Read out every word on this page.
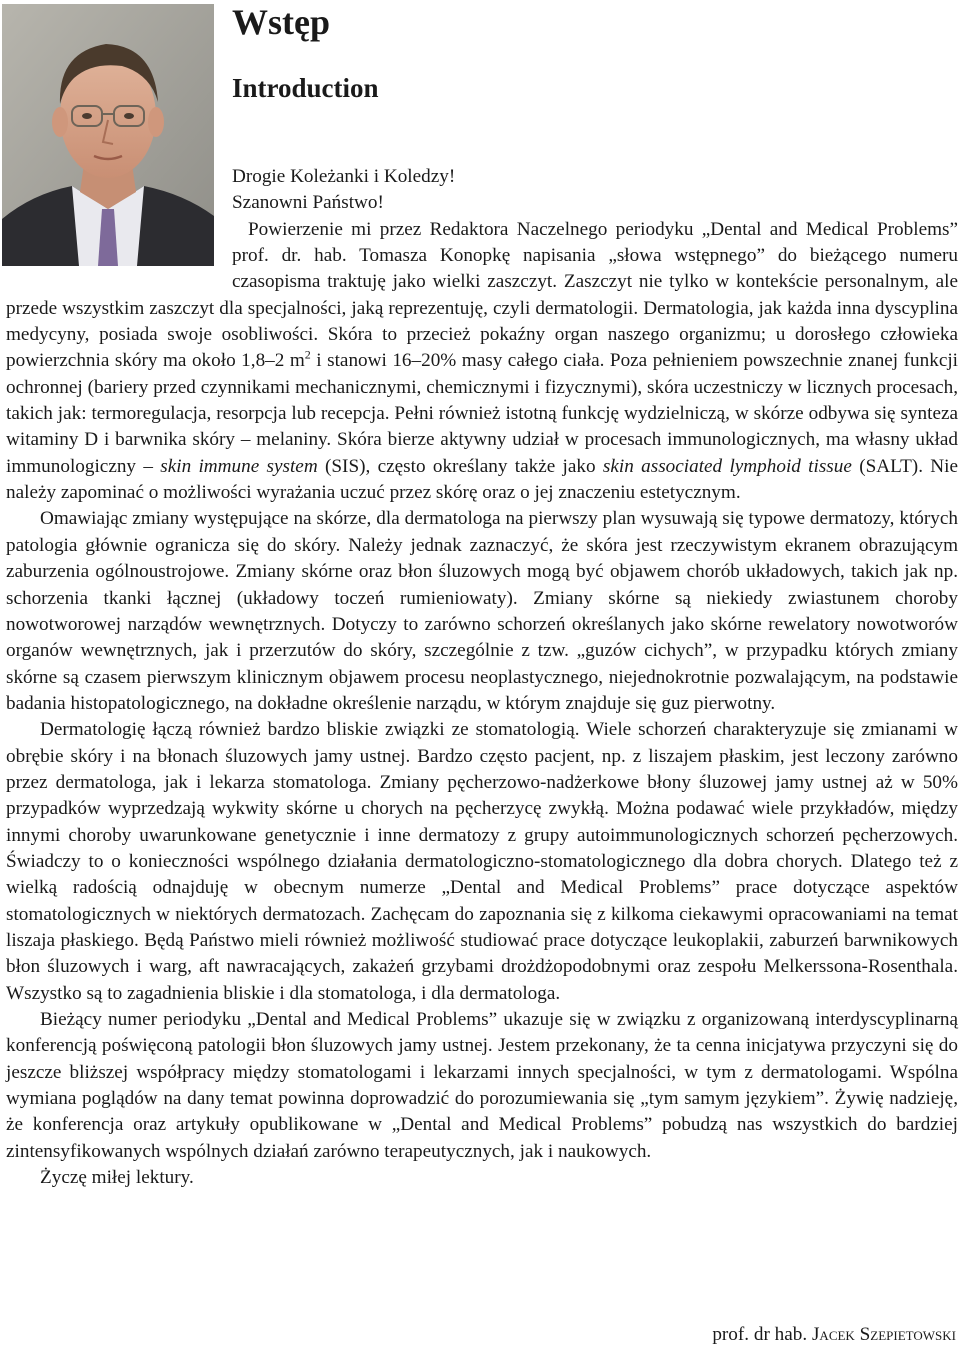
Wstęp
Introduction

Drogie Koleżanki i Koledzy!

Szanowni Państwo!

Powierzenie mi przez Redaktora Naczelnego periodyku „Dental and Medical Problems” prof. dr. hab. Tomasza Konopkę napisania „słowa wstępnego” do bieżącego numeru czasopisma traktuję jako wielki zaszczyt. Zaszczyt nie tylko w kontekście personalnym, ale przede wszystkim zaszczyt dla specjalności, jaką reprezentuję, czyli dermatologii. Dermatologia, jak każda inna dyscyplina medycyny, posiada swoje osobliwości. Skóra to przecież pokaźny organ naszego organizmu; u dorosłego człowieka powierzchnia skóry ma około 1,8–2 $m^2$ i stanowi 16–20% masy całego ciała. Poza pełnieniem powszechnie znanej funkcji ochronnej (bariery przed czynnikami mechanicznymi, chemicznymi i fizycznymi), skóra uczestniczy w licznych procesach, takich jak: termoregulacja, resorpcja lub recepcja. Pełni również istotną funkcję wydzielniczą, w skórze odbywa się synteza witaminy D i barwnika skóry – melaniny. Skóra bierze aktywny udział w procesach immunologicznych, ma własny układ immunologiczny – skin immune system (SIS), często określany także jako skin associated lymphoid tissue (SALT). Nie należy zapominać o możliwości wyrażania uczuć przez skórę oraz o jej znaczeniu estetycznym.

Omawiając zmiany występujące na skórze, dla dermatologa na pierwszy plan wysuwają się typowe dermatozy, których patologia głównie ogranicza się do skóry. Należy jednak zaznaczyć, że skóra jest rzeczywistym ekranem obrazującym zaburzenia ogólnoustrojowe. Zmiany skórne oraz błon śluzowych mogą być objawem chorób układowych, takich jak np. schorzenia tkanki łącznej (układowy toczeń rumieniowaty). Zmiany skórne są niekiedy zwiastunem choroby nowotworowej narządów wewnętrznych. Dotyczy to zarówno schorzeń określanych jako skórne rewelatory nowotworów organów wewnętrznych, jak i przerzutów do skóry, szczególnie z tzw. „guzów cichych”, w przypadku których zmiany skórne są czasem pierwszym klinicznym objawem procesu neoplastycznego, niejednokrotnie pozwalającym, na podstawie badania histopatologicznego, na dokładne określenie narządu, w którym znajduje się guz pierwotny.

Dermatologię łączą również bardzo bliskie związki ze stomatologią. Wiele schorzeń charakteryzuje się zmianami w obrębie skóry i na błonach śluzowych jamy ustnej. Bardzo często pacjent, np. z liszajem płaskim, jest leczony zarówno przez dermatologa, jak i lekarza stomatologa. Zmiany pęcherzowo-nadżerkowe błony śluzowej jamy ustnej aż w 50% przypadków wyprzedzają wykwity skórne u chorych na pęcherzycę zwykłą. Można podawać wiele przykładów, między innymi choroby uwarunkowane genetycznie i inne dermatozy z grupy autoimmunologicznych schorzeń pęcherzowych. Świadczy to o konieczności wspólnego działania dermatologiczno-stomatologicznego dla dobra chorych. Dlatego też z wielką radością odnajduję w obecnym numerze „Dental and Medical Problems” prace dotyczące aspektów stomatologicznych w niektórych dermatozach. Zachęcam do zapoznania się z kilkoma ciekawymi opracowaniami na temat liszaja płaskiego. Będą Państwo mieli również możliwość studiować prace dotyczące leukoplakii, zaburzeń barwnikowych błon śluzowych i warg, aft nawracających, zakażeń grzybami drożdżopodobnymi oraz zespołu Melkerssona-Rosenthala. Wszystko są to zagadnienia bliskie i dla stomatologa, i dla dermatologa.

Bieżący numer periodyku „Dental and Medical Problems” ukazuje się w związku z organizowaną interdyscyplinarną konferencją poświęconą patologii błon śluzowych jamy ustnej. Jestem przekonany, że ta cenna inicjatywa przyczyni się do jeszcze bliższej współpracy między stomatologami i lekarzami innych specjalności, w tym z dermatologami. Wspólna wymiana poglądów na dany temat powinna doprowadzić do porozumiewania się „tym samym językiem”. Żywię nadzieję, że konferencja oraz artykuły opublikowane w „Dental and Medical Problems” pobudzą nas wszystkich do bardziej zintensyfikowanych wspólnych działań zarówno terapeutycznych, jak i naukowych.

Życzę miłej lektury.

prof. dr hab. Jacek Szepietowski
